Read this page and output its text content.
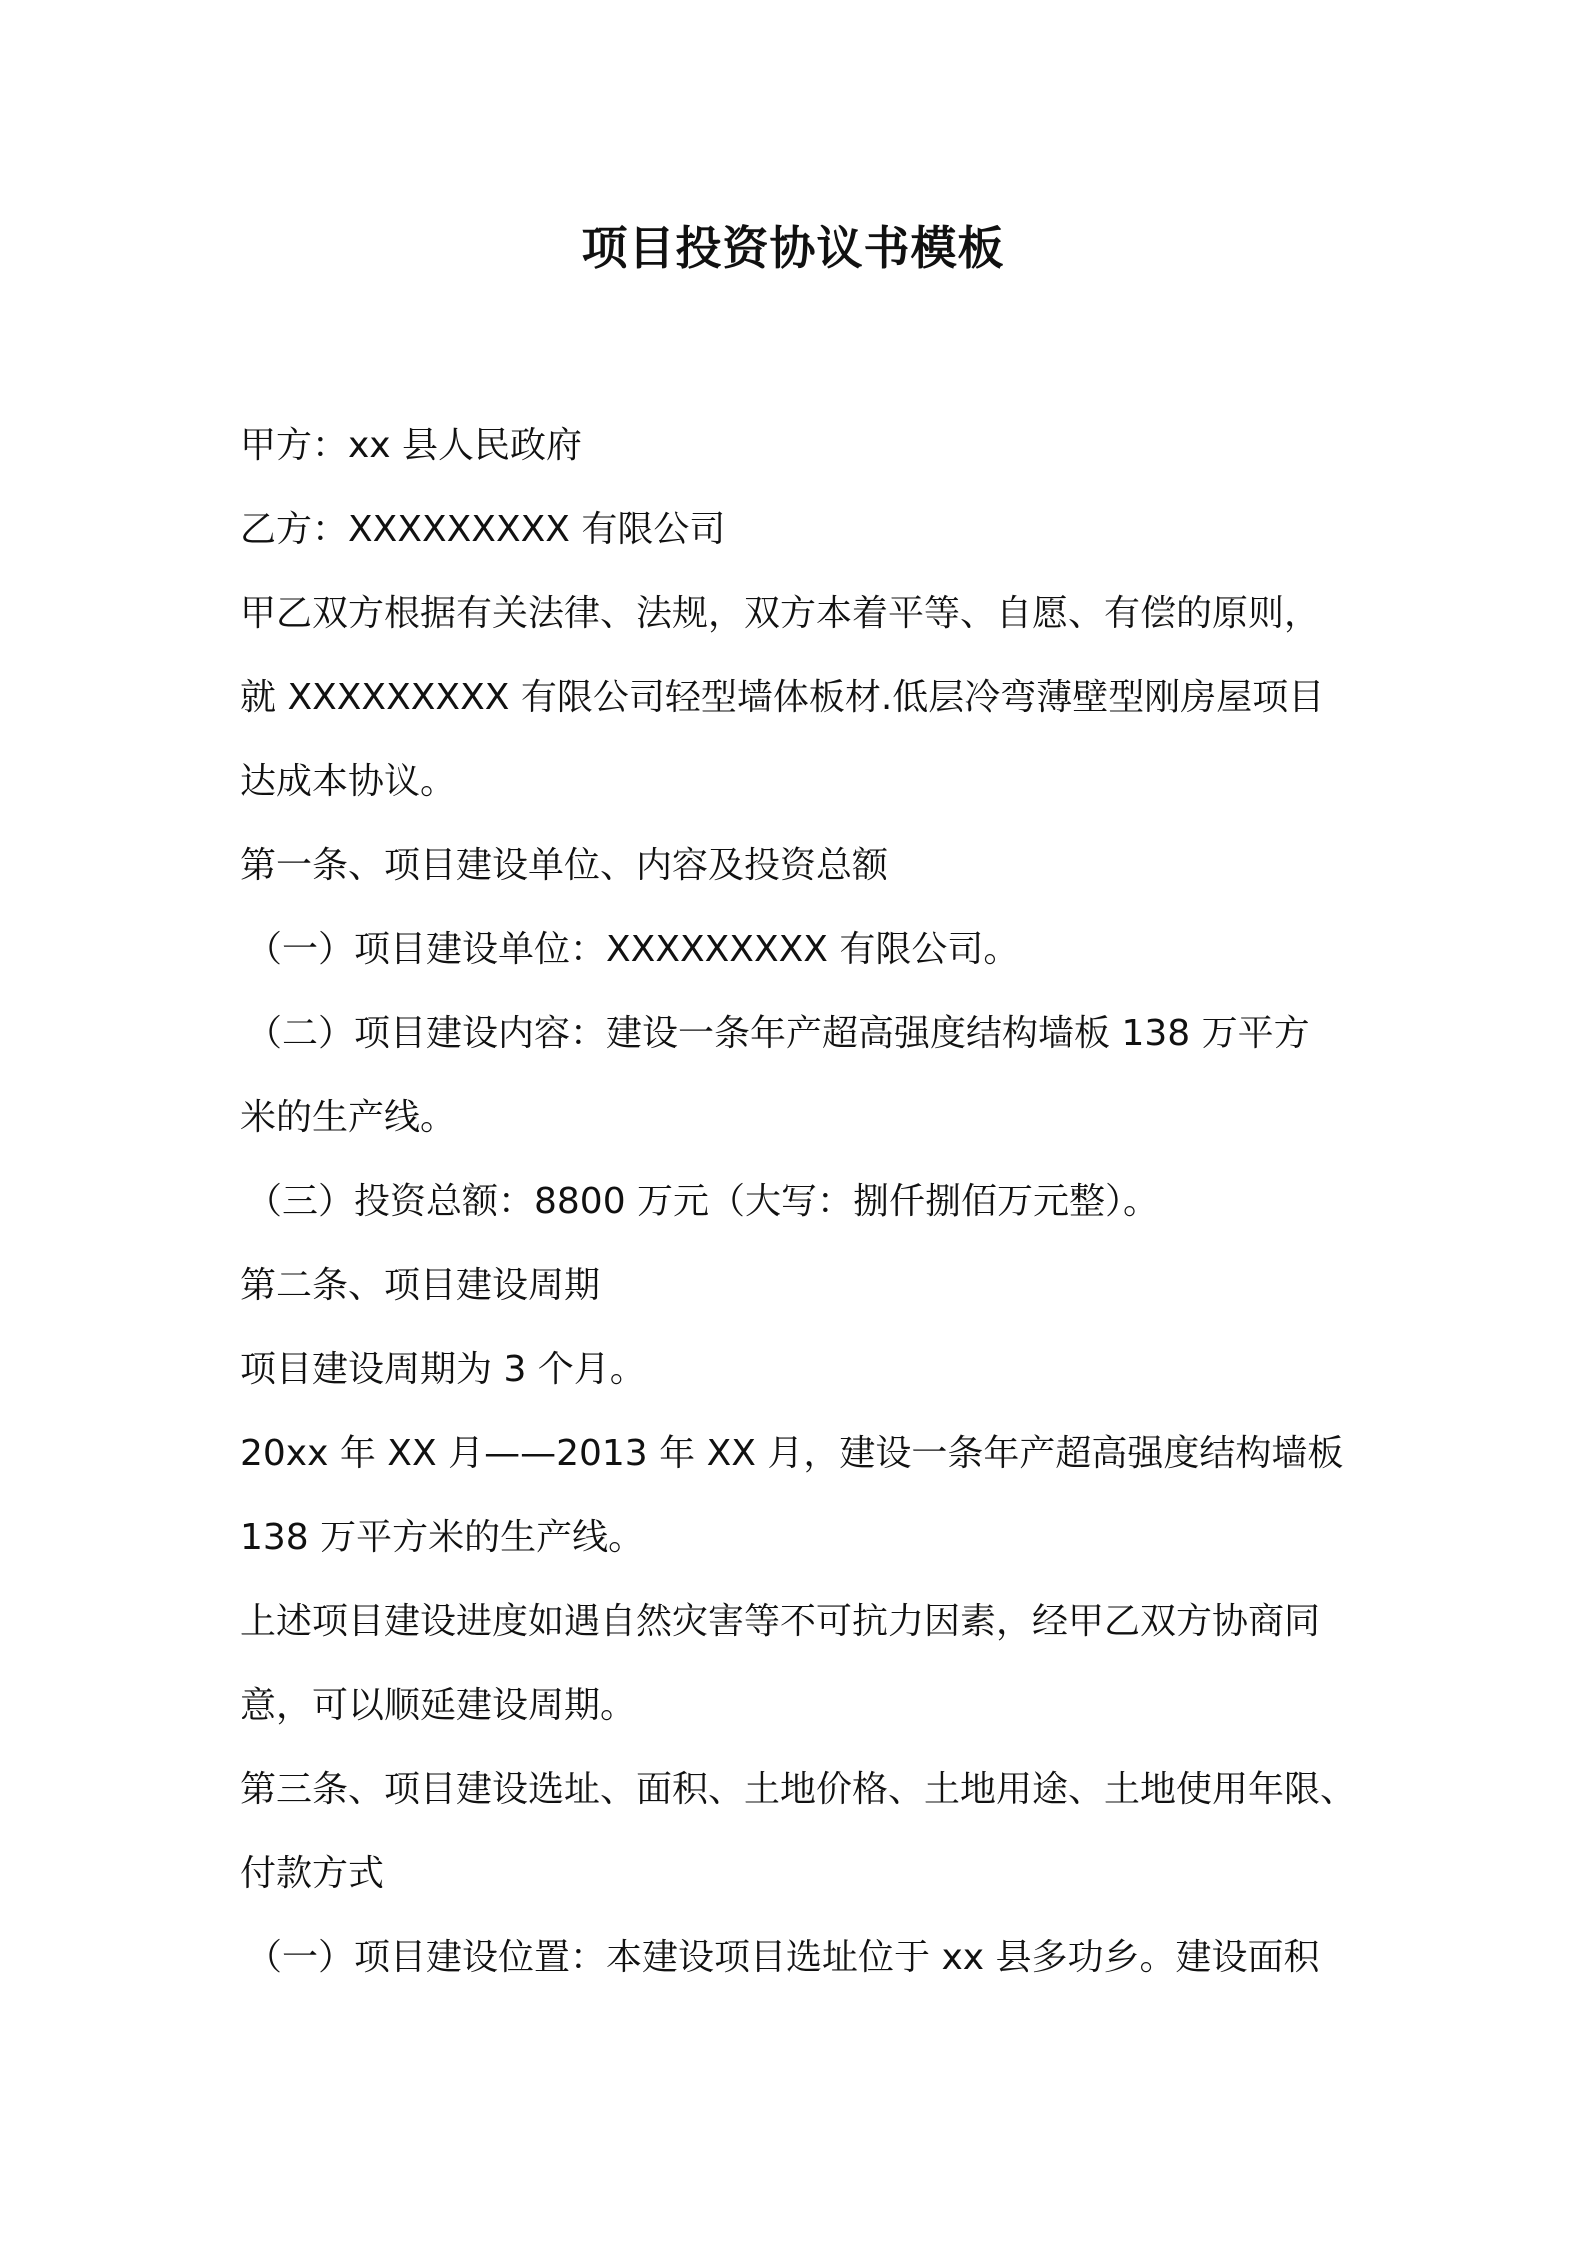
项目投资协议书模板
甲方：xx 县人民政府
乙方：XXXXXXXXX 有限公司
甲乙双方根据有关法律、法规，双方本着平等、自愿、有偿的原则，
就 XXXXXXXXX 有限公司轻型墙体板材.低层冷弯薄壁型刚房屋项目
达成本协议。
第一条、项目建设单位、内容及投资总额
（一）项目建设单位：XXXXXXXXX 有限公司。
（二）项目建设内容：建设一条年产超高强度结构墙板 138 万平方
米的生产线。
（三）投资总额：8800 万元（大写：捌仟捌佰万元整）。
第二条、项目建设周期
项目建设周期为 3 个月。
20xx 年 XX 月——2013 年 XX 月，建设一条年产超高强度结构墙板
138 万平方米的生产线。
上述项目建设进度如遇自然灾害等不可抗力因素，经甲乙双方协商同
意，可以顺延建设周期。
第三条、项目建设选址、面积、土地价格、土地用途、土地使用年限、
付款方式
（一）项目建设位置：本建设项目选址位于 xx 县多功乡。建设面积
